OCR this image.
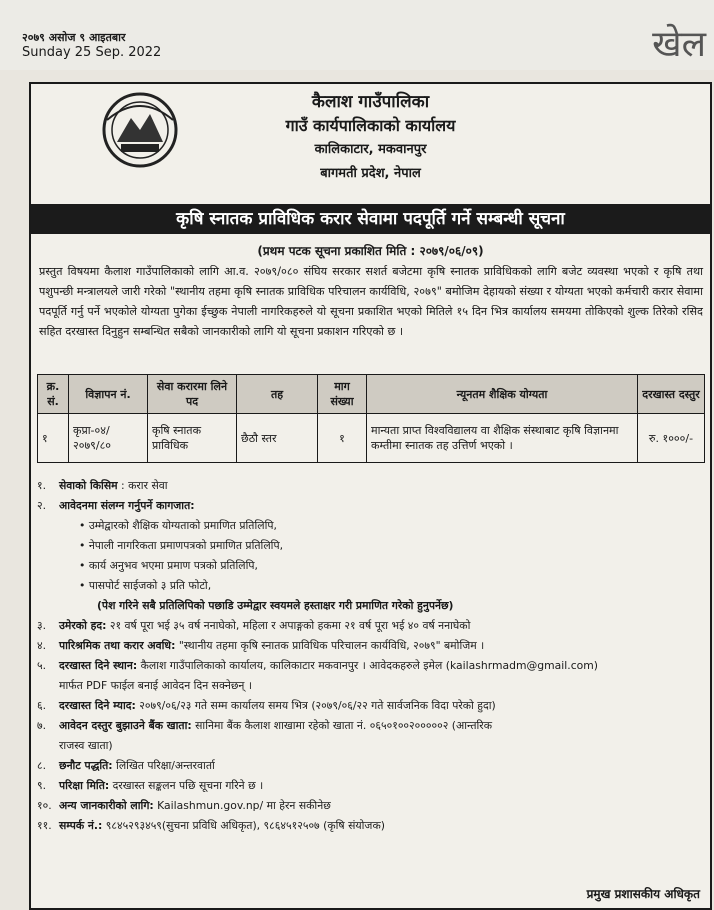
२०७९ असोज ९ आइतबार
Sunday 25 Sep. 2022	खेल
कैलाश गाउँपालिका
गाउँ कार्यपालिकाको कार्यालय
कालिकाटार, मकवानपुर
बागमती प्रदेश, नेपाल
कृषि स्नातक प्राविधिक करार सेवामा पदपूर्ति गर्ने सम्बन्धी सूचना
(प्रथम पटक सूचना प्रकाशित मिति : २०७९/०६/०९)
प्रस्तुत विषयमा कैलाश गाउँपालिकाको लागि आ.व. २०७९/०८० संघिय सरकार सशर्त बजेटमा कृषि स्नातक प्राविधिकको लागि बजेट व्यवस्था भएको र कृषि तथा पशुपन्छी मन्त्रालयले जारी गरेको "स्थानीय तहमा कृषि स्नातक प्राविधिक परिचालन कार्यविधि, २०७९" बमोजिम देहायको संख्या र योग्यता भएको कर्मचारी करार सेवामा पदपूर्ति गर्नु पर्ने भएकोले योग्यता पुगेका ईच्छुक नेपाली नागरिकहरुले यो सूचना प्रकाशित भएको मितिले १५ दिन भित्र कार्यालय समयमा तोकिएको शुल्क तिरेको रसिद सहित दरखास्त दिनुहुन सम्बन्धित सबैको जानकारीको लागि यो सूचना प्रकाशन गरिएको छ ।
क्र. सं.	विज्ञापन नं.	सेवा करारमा लिने पद	तह	माग संख्या	न्यूनतम शैक्षिक योग्यता	दरखास्त दस्तुर
१	कृप्रा-०४/ २०७९/८०	कृषि स्नातक प्राविधिक	छैठौ स्तर	१	मान्यता प्राप्त विश्वविद्यालय वा शैक्षिक संस्थाबाट कृषि विज्ञानमा कम्तीमा स्नातक तह उत्तिर्ण भएको ।	रु. १०००/-
१.	सेवाको किसिम : करार सेवा
२.	आवेदनमा संलग्न गर्नुपर्ने कागजात:
• उम्मेद्वारको शैक्षिक योग्यताको प्रमाणित प्रतिलिपि,
• नेपाली नागरिकता प्रमाणपत्रको प्रमाणित प्रतिलिपि,
• कार्य अनुभव भएमा प्रमाण पत्रको प्रतिलिपि,
• पासपोर्ट साईजको ३ प्रति फोटो,
(पेश गरिने सबै प्रतिलिपिको पछाडि उम्मेद्वार स्वयमले हस्ताक्षर गरी प्रमाणित गरेको हुनुपर्नेछ)
३.	उमेरको हद: २१ वर्ष पूरा भई ३५ वर्ष ननाघेको, महिला र अपाङ्गको हकमा २१ वर्ष पूरा भई ४० वर्ष ननाघेको
४.	पारिश्रमिक तथा करार अवधि: "स्थानीय तहमा कृषि स्नातक प्राविधिक परिचालन कार्यविधि, २०७९" बमोजिम ।
५.	दरखास्त दिने स्थान: कैलाश गाउँपालिकाको कार्यालय, कालिकाटार मकवानपुर । आवेदकहरुले इमेल (kailashrmadm@gmail.com)
मार्फत PDF फाईल बनाई आवेदन दिन सक्नेछन् ।
६.	दरखास्त दिने म्याद: २०७९/०६/२३ गते सम्म कार्यालय समय भित्र (२०७९/०६/२२ गते सार्वजनिक विदा परेको हुदा)
७.	आवेदन दस्तुर बुझाउने बैंक खाता: सानिमा बैंक कैलाश शाखामा रहेको खाता नं. ०६५०१००२०००००२ (आन्तरिक
राजस्व खाता)
८.	छनौट पद्धति: लिखित परिक्षा/अन्तरवार्ता
९.	परिक्षा मिति: दरखास्त सङ्कलन पछि सूचना गरिने छ ।
१०. अन्य जानकारीको लागि: Kailashmun.gov.np/ मा हेरन सकीनेछ
११. सम्पर्क नं.: ९८४५२९३४५९(सुचना प्रविधि अधिकृत), ९८६४५१२५०७ (कृषि संयोजक)
प्रमुख प्रशासकीय अधिकृत
